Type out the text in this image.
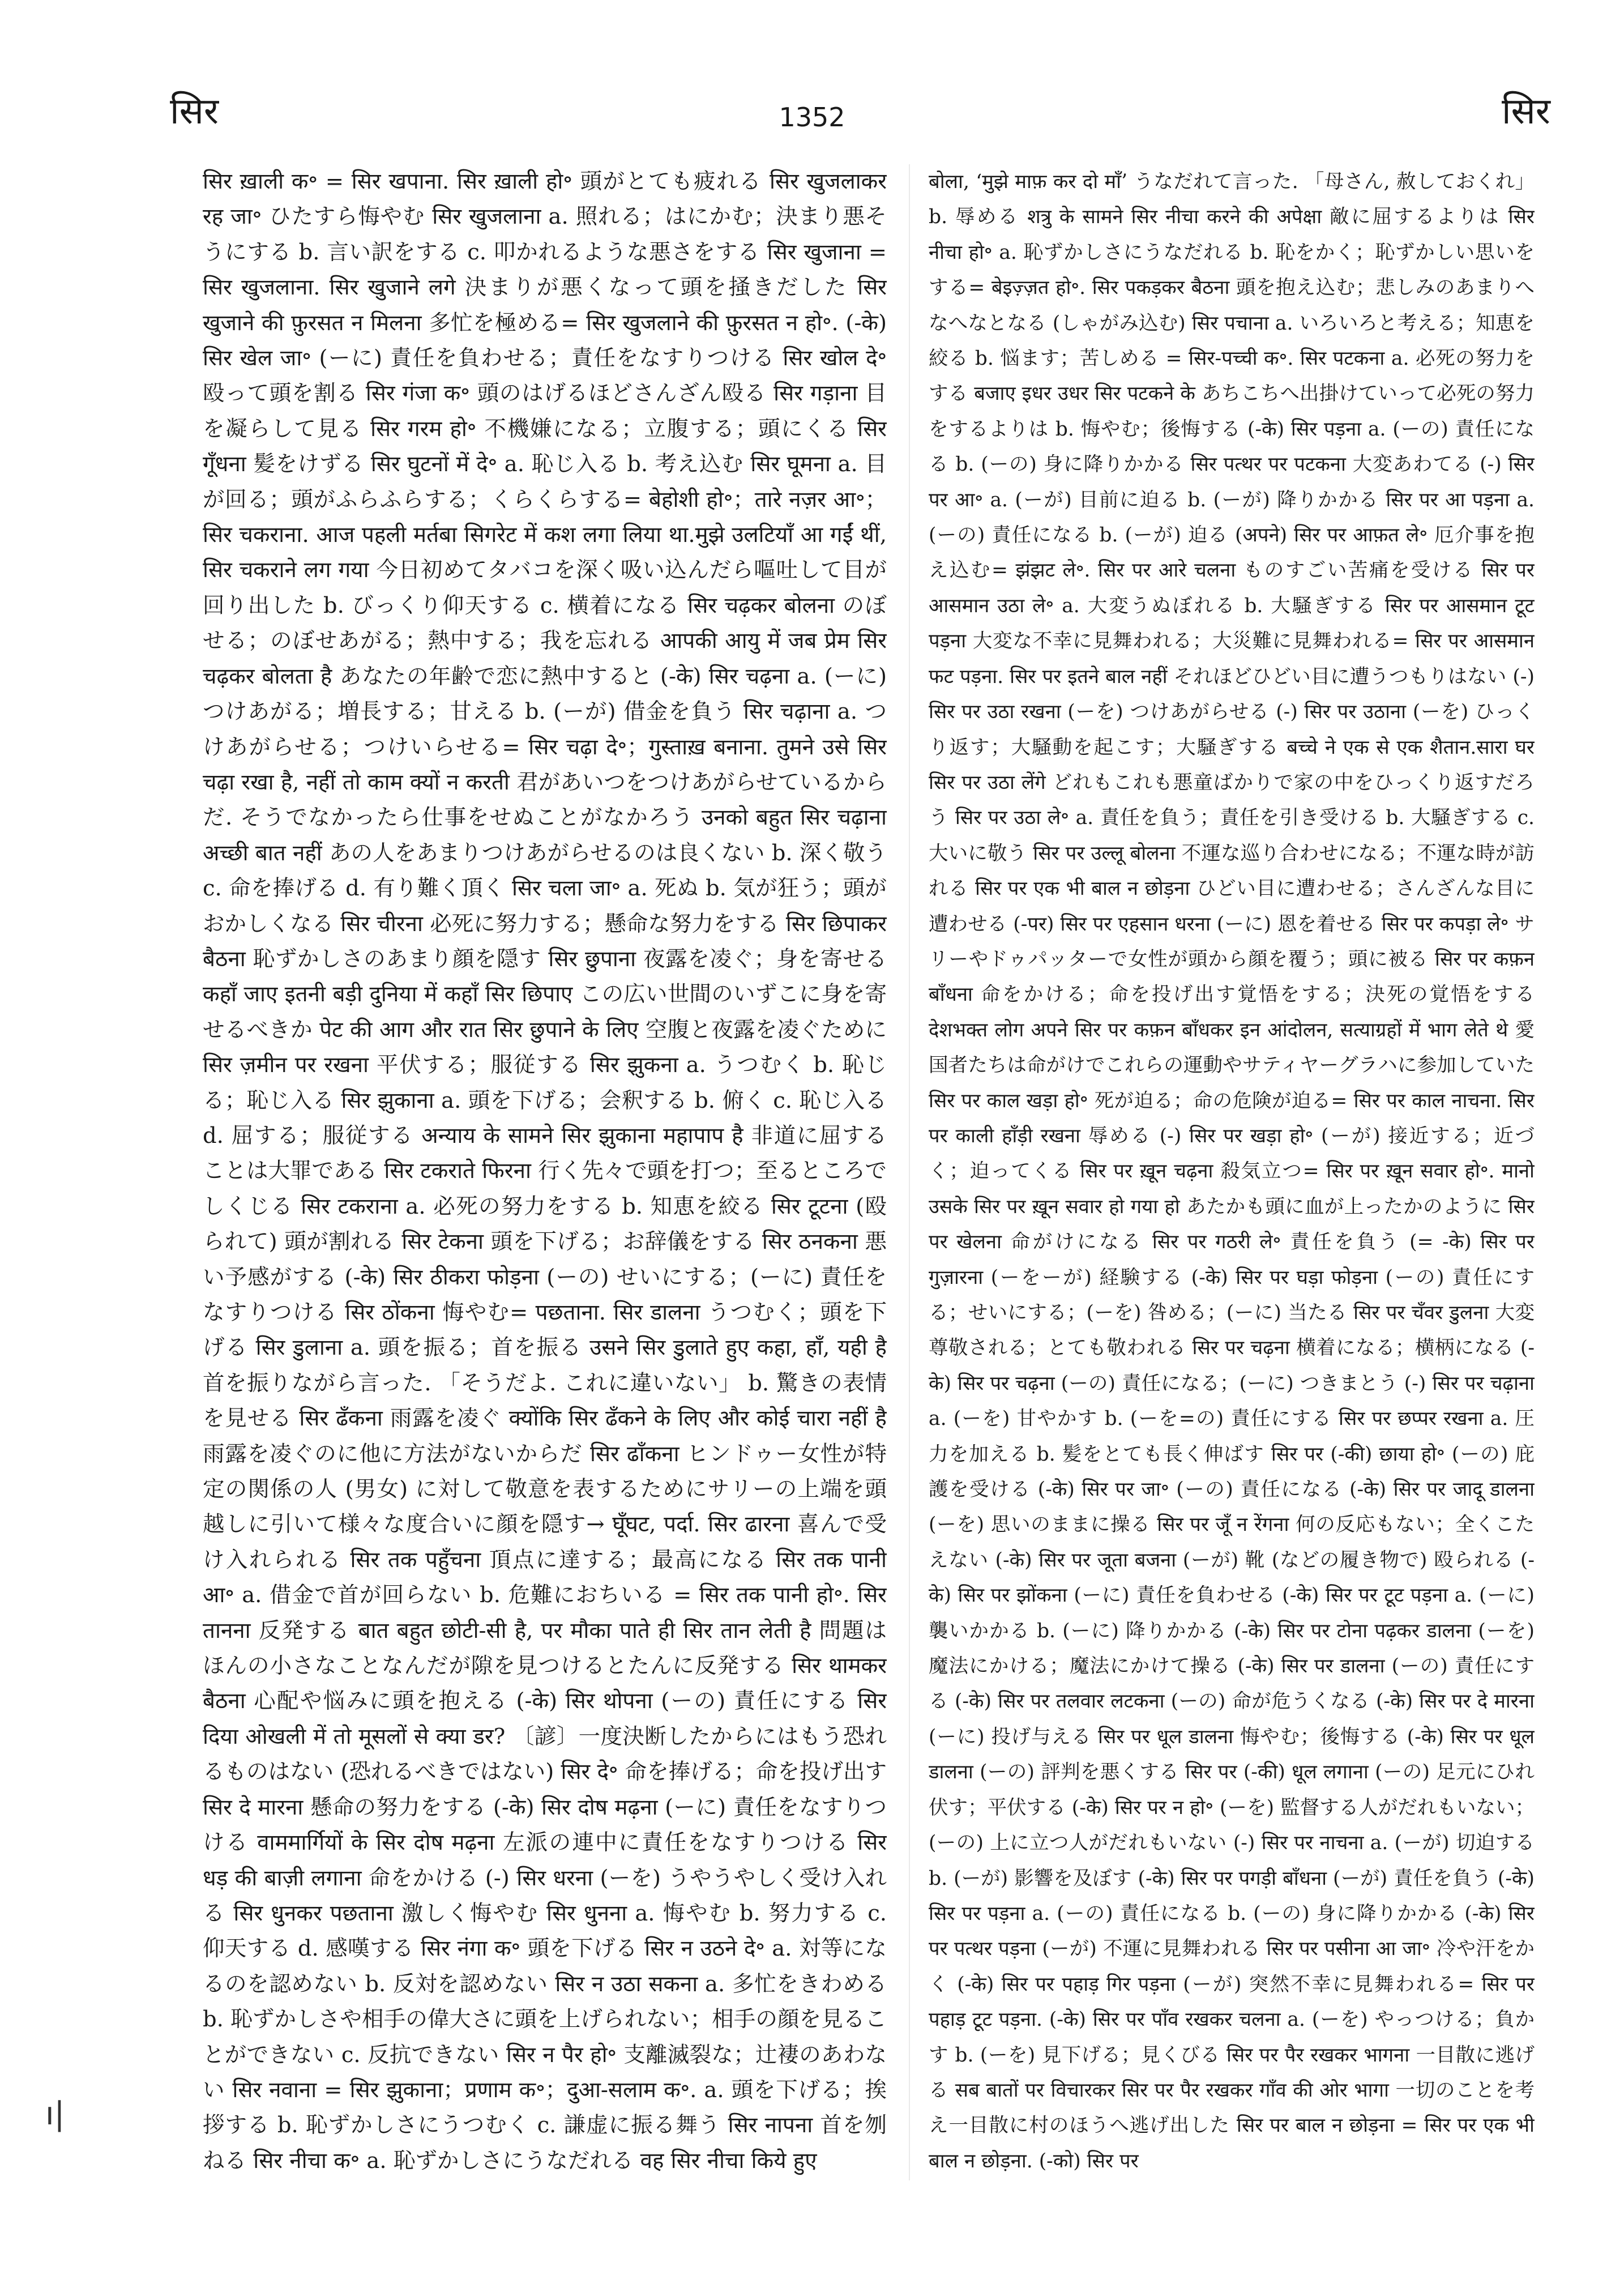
सिर	1352	सिर

सिर ख़ाली क॰ = सिर खपाना. सिर ख़ाली हो॰ 頭がとても疲れる सिर खुजलाकर रह जा॰ ひたすら悔やむ सिर खुजलाना a. 照れる；はにかむ；決まり悪そうにする b. 言い訳をする c. 叩かれるような悪さをする सिर खुजाना = सिर खुजलाना. सिर खुजाने लगे 決まりが悪くなって頭を掻きだした सिर खुजाने की फ़ुरसत न मिलना 多忙を極める= सिर खुजलाने की फ़ुरसत न हो॰. (-के) सिर खेल जा॰ (ーに) 責任を負わせる；責任をなすりつける सिर खोल दे॰ 殴って頭を割る सिर गंजा क॰ 頭のはげるほどさんざん殴る सिर गड़ाना 目を凝らして見る सिर गरम हो॰ 不機嫌になる；立腹する；頭にくる सिर गूँधना 髪をけずる सिर घुटनों में दे॰ a. 恥じ入る b. 考え込む सिर घूमना a. 目が回る；頭がふらふらする；くらくらする= बेहोशी हो॰；तारे नज़र आ॰；सिर चकराना. आज पहली मर्तबा सिगरेट में कश लगा लिया था.मुझे उलटियाँ आ गईं थीं, सिर चकराने लग गया 今日初めてタバコを深く吸い込んだら嘔吐して目が回り出した b. びっくり仰天する c. 横着になる सिर चढ़कर बोलना のぼせる；のぼせあがる；熱中する；我を忘れる आपकी आयु में जब प्रेम सिर चढ़कर बोलता है あなたの年齢で恋に熱中すると (-के) सिर चढ़ना a. (ーに) つけあがる；増長する；甘える b. (ーが) 借金を負う सिर चढ़ाना a. つけあがらせる；つけいらせる= सिर चढ़ा दे॰；गुस्ताख़ बनाना. तुमने उसे सिर चढ़ा रखा है, नहीं तो काम क्यों न करती 君があいつをつけあがらせているからだ. そうでなかったら仕事をせぬことがなかろう उनको बहुत सिर चढ़ाना अच्छी बात नहीं あの人をあまりつけあがらせるのは良くない b. 深く敬う c. 命を捧げる d. 有り難く頂く सिर चला जा॰ a. 死ぬ b. 気が狂う；頭がおかしくなる सिर चीरना 必死に努力する；懸命な努力をする सिर छिपाकर बैठना 恥ずかしさのあまり顔を隠す सिर छुपाना 夜露を凌ぐ；身を寄せる कहाँ जाए इतनी बड़ी दुनिया में कहाँ सिर छिपाए この広い世間のいずこに身を寄せるべきか पेट की आग और रात सिर छुपाने के लिए 空腹と夜露を凌ぐために सिर ज़मीन पर रखना 平伏する；服従する सिर झुकना a. うつむく b. 恥じる；恥じ入る सिर झुकाना a. 頭を下げる；会釈する b. 俯く c. 恥じ入る d. 屈する；服従する अन्याय के सामने सिर झुकाना महापाप है 非道に屈することは大罪である सिर टकराते फिरना 行く先々で頭を打つ；至るところでしくじる सिर टकराना a. 必死の努力をする b. 知恵を絞る सिर टूटना (殴られて) 頭が割れる सिर टेकना 頭を下げる；お辞儀をする सिर ठनकना 悪い予感がする (-के) सिर ठीकरा फोड़ना (ーの) せいにする；(ーに) 責任をなすりつける सिर ठोंकना 悔やむ= पछताना. सिर डालना うつむく；頭を下げる सिर डुलाना a. 頭を振る；首を振る उसने सिर डुलाते हुए कहा, हाँ, यही है 首を振りながら言った. 「そうだよ. これに違いない」 b. 驚きの表情を見せる सिर ढँकना 雨露を凌ぐ क्योंकि सिर ढँकने के लिए और कोई चारा नहीं है 雨露を凌ぐのに他に方法がないからだ सिर ढाँकना ヒンドゥー女性が特定の関係の人 (男女) に対して敬意を表するためにサリーの上端を頭越しに引いて様々な度合いに顔を隠す→ घूँघट, पर्दा. सिर ढारना 喜んで受け入れられる सिर तक पहुँचना 頂点に達する；最高になる सिर तक पानी आ॰ a. 借金で首が回らない b. 危難におちいる = सिर तक पानी हो॰. सिर तानना 反発する बात बहुत छोटी-सी है, पर मौका पाते ही सिर तान लेती है 問題はほんの小さなことなんだが隙を見つけるとたんに反発する सिर थामकर बैठना 心配や悩みに頭を抱える (-के) सिर थोपना (ーの) 責任にする सिर दिया ओखली में तो मूसलों से क्या डर? 〔諺〕一度決断したからにはもう恐れるものはない (恐れるべきではない) सिर दे॰ 命を捧げる；命を投げ出す सिर दे मारना 懸命の努力をする (-के) सिर दोष मढ़ना (ーに) 責任をなすりつける वाममार्गियों के सिर दोष मढ़ना 左派の連中に責任をなすりつける सिर धड़ की बाज़ी लगाना 命をかける (-) सिर धरना (ーを) うやうやしく受け入れる सिर धुनकर पछताना 激しく悔やむ सिर धुनना a. 悔やむ b. 努力する c. 仰天する d. 感嘆する सिर नंगा क॰ 頭を下げる सिर न उठने दे॰ a. 対等になるのを認めない b. 反対を認めない सिर न उठा सकना a. 多忙をきわめる b. 恥ずかしさや相手の偉大さに頭を上げられない；相手の顔を見ることができない c. 反抗できない सिर न पैर हो॰ 支離滅裂な；辻褄のあわない सिर नवाना = सिर झुकाना；प्रणाम क॰；दुआ-सलाम क॰. a. 頭を下げる；挨拶する b. 恥ずかしさにうつむく c. 謙虚に振る舞う सिर नापना 首を刎ねる सिर नीचा क॰ a. 恥ずかしさにうなだれる वह सिर नीचा किये हुए

बोला, ‘मुझे माफ़ कर दो माँ’ うなだれて言った. 「母さん, 赦しておくれ」 b. 辱める शत्रु के सामने सिर नीचा करने की अपेक्षा 敵に屈するよりは सिर नीचा हो॰ a. 恥ずかしさにうなだれる b. 恥をかく；恥ずかしい思いをする= बेइज़्ज़त हो॰. सिर पकड़कर बैठना 頭を抱え込む；悲しみのあまりへなへなとなる (しゃがみ込む) सिर पचाना a. いろいろと考える；知恵を絞る b. 悩ます；苦しめる = सिर-पच्ची क॰. सिर पटकना a. 必死の努力をする बजाए इधर उधर सिर पटकने के あちこちへ出掛けていって必死の努力をするよりは b. 悔やむ；後悔する (-के) सिर पड़ना a. (ーの) 責任になる b. (ーの) 身に降りかかる सिर पत्थर पर पटकना 大変あわてる (-) सिर पर आ॰ a. (ーが) 目前に迫る b. (ーが) 降りかかる सिर पर आ पड़ना a. (ーの) 責任になる b. (ーが) 迫る (अपने) सिर पर आफ़त ले॰ 厄介事を抱え込む= झंझट ले॰. सिर पर आरे चलना ものすごい苦痛を受ける सिर पर आसमान उठा ले॰ a. 大変うぬぼれる b. 大騒ぎする सिर पर आसमान टूट पड़ना 大変な不幸に見舞われる；大災難に見舞われる= सिर पर आसमान फट पड़ना. सिर पर इतने बाल नहीं それほどひどい目に遭うつもりはない (-) सिर पर उठा रखना (ーを) つけあがらせる (-) सिर पर उठाना (ーを) ひっくり返す；大騒動を起こす；大騒ぎする बच्चे ने एक से एक शैतान.सारा घर सिर पर उठा लेंगे どれもこれも悪童ばかりで家の中をひっくり返すだろう सिर पर उठा ले॰ a. 責任を負う；責任を引き受ける b. 大騒ぎする c. 大いに敬う सिर पर उल्लू बोलना 不運な巡り合わせになる；不運な時が訪れる सिर पर एक भी बाल न छोड़ना ひどい目に遭わせる；さんざんな目に遭わせる (-पर) सिर पर एहसान धरना (ーに) 恩を着せる सिर पर कपड़ा ले॰ サリーやドゥパッターで女性が頭から顔を覆う；頭に被る सिर पर कफ़न बाँधना 命をかける；命を投げ出す覚悟をする；決死の覚悟をする देशभक्त लोग अपने सिर पर कफ़न बाँधकर इन आंदोलन, सत्याग्रहों में भाग लेते थे 愛国者たちは命がけでこれらの運動やサティヤーグラハに参加していた सिर पर काल खड़ा हो॰ 死が迫る；命の危険が迫る= सिर पर काल नाचना. सिर पर काली हाँड़ी रखना 辱める (-) सिर पर खड़ा हो॰ (ーが) 接近する；近づく；迫ってくる सिर पर ख़ून चढ़ना 殺気立つ= सिर पर ख़ून सवार हो॰. मानो उसके सिर पर ख़ून सवार हो गया हो あたかも頭に血が上ったかのように सिर पर खेलना 命がけになる सिर पर गठरी ले॰ 責任を負う (= -के) सिर पर गुज़ारना (ーをーが) 経験する (-के) सिर पर घड़ा फोड़ना (ーの) 責任にする；せいにする；(ーを) 咎める；(ーに) 当たる सिर पर चँवर डुलना 大変尊敬される；とても敬われる सिर पर चढ़ना 横着になる；横柄になる (-के) सिर पर चढ़ना (ーの) 責任になる；(ーに) つきまとう (-) सिर पर चढ़ाना a. (ーを) 甘やかす b. (ーを=の) 責任にする सिर पर छप्पर रखना a. 圧力を加える b. 髪をとても長く伸ばす सिर पर (-की) छाया हो॰ (ーの) 庇護を受ける (-के) सिर पर जा॰ (ーの) 責任になる (-के) सिर पर जादू डालना (ーを) 思いのままに操る सिर पर जूँ न रेंगना 何の反応もない；全くこたえない (-के) सिर पर जूता बजना (ーが) 靴 (などの履き物で) 殴られる (-के) सिर पर झोंकना (ーに) 責任を負わせる (-के) सिर पर टूट पड़ना a. (ーに) 襲いかかる b. (ーに) 降りかかる (-के) सिर पर टोना पढ़कर डालना (ーを) 魔法にかける；魔法にかけて操る (-के) सिर पर डालना (ーの) 責任にする (-के) सिर पर तलवार लटकना (ーの) 命が危うくなる (-के) सिर पर दे मारना (ーに) 投げ与える सिर पर धूल डालना 悔やむ；後悔する (-के) सिर पर धूल डालना (ーの) 評判を悪くする सिर पर (-की) धूल लगाना (ーの) 足元にひれ伏す；平伏する (-के) सिर पर न हो॰ (ーを) 監督する人がだれもいない；(ーの) 上に立つ人がだれもいない (-) सिर पर नाचना a. (ーが) 切迫する b. (ーが) 影響を及ぼす (-के) सिर पर पगड़ी बाँधना (ーが) 責任を負う (-के) सिर पर पड़ना a. (ーの) 責任になる b. (ーの) 身に降りかかる (-के) सिर पर पत्थर पड़ना (ーが) 不運に見舞われる सिर पर पसीना आ जा॰ 冷や汗をかく (-के) सिर पर पहाड़ गिर पड़ना (ーが) 突然不幸に見舞われる= सिर पर पहाड़ टूट पड़ना. (-के) सिर पर पाँव रखकर चलना a. (ーを) やっつける；負かす b. (ーを) 見下げる；見くびる सिर पर पैर रखकर भागना 一目散に逃げる सब बातों पर विचारकर सिर पर पैर रखकर गाँव की ओर भागा 一切のことを考え一目散に村のほうへ逃げ出した सिर पर बाल न छोड़ना = सिर पर एक भी बाल न छोड़ना. (-को) सिर पर

ı|
